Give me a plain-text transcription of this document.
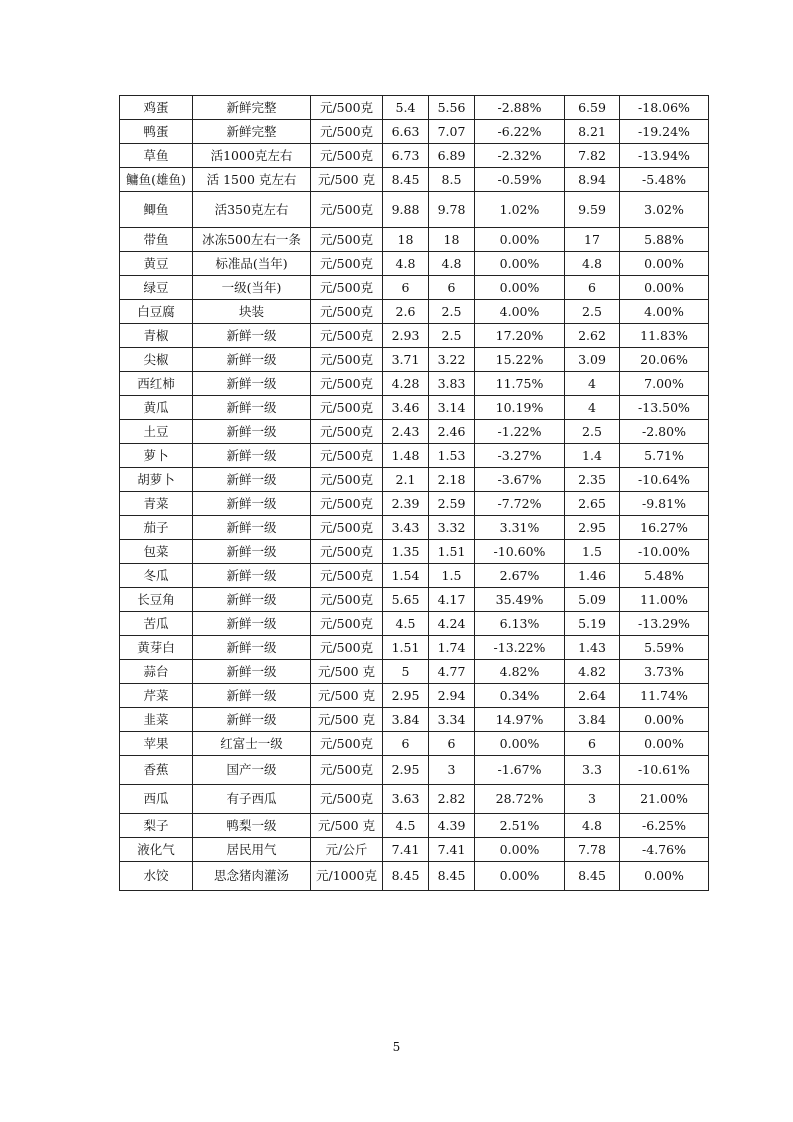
鸡蛋	新鲜完整	元/500克	5.4	5.56	-2.88%	6.59	-18.06%
鸭蛋	新鲜完整	元/500克	6.63	7.07	-6.22%	8.21	-19.24%
草鱼	活1000克左右	元/500克	6.73	6.89	-2.32%	7.82	-13.94%
鳙鱼(雄鱼)	活 1500 克左右	元/500 克	8.45	8.5	-0.59%	8.94	-5.48%
鲫鱼	活350克左右	元/500克	9.88	9.78	1.02%	9.59	3.02%
带鱼	冰冻500左右一条	元/500克	18	18	0.00%	17	5.88%
黄豆	标准品(当年)	元/500克	4.8	4.8	0.00%	4.8	0.00%
绿豆	一级(当年)	元/500克	6	6	0.00%	6	0.00%
白豆腐	块装	元/500克	2.6	2.5	4.00%	2.5	4.00%
青椒	新鲜一级	元/500克	2.93	2.5	17.20%	2.62	11.83%
尖椒	新鲜一级	元/500克	3.71	3.22	15.22%	3.09	20.06%
西红柿	新鲜一级	元/500克	4.28	3.83	11.75%	4	7.00%
黄瓜	新鲜一级	元/500克	3.46	3.14	10.19%	4	-13.50%
土豆	新鲜一级	元/500克	2.43	2.46	-1.22%	2.5	-2.80%
萝卜	新鲜一级	元/500克	1.48	1.53	-3.27%	1.4	5.71%
胡萝卜	新鲜一级	元/500克	2.1	2.18	-3.67%	2.35	-10.64%
青菜	新鲜一级	元/500克	2.39	2.59	-7.72%	2.65	-9.81%
茄子	新鲜一级	元/500克	3.43	3.32	3.31%	2.95	16.27%
包菜	新鲜一级	元/500克	1.35	1.51	-10.60%	1.5	-10.00%
冬瓜	新鲜一级	元/500克	1.54	1.5	2.67%	1.46	5.48%
长豆角	新鲜一级	元/500克	5.65	4.17	35.49%	5.09	11.00%
苦瓜	新鲜一级	元/500克	4.5	4.24	6.13%	5.19	-13.29%
黄芽白	新鲜一级	元/500克	1.51	1.74	-13.22%	1.43	5.59%
蒜台	新鲜一级	元/500 克	5	4.77	4.82%	4.82	3.73%
芹菜	新鲜一级	元/500 克	2.95	2.94	0.34%	2.64	11.74%
韭菜	新鲜一级	元/500 克	3.84	3.34	14.97%	3.84	0.00%
苹果	红富士一级	元/500克	6	6	0.00%	6	0.00%
香蕉	国产一级	元/500克	2.95	3	-1.67%	3.3	-10.61%
西瓜	有子西瓜	元/500克	3.63	2.82	28.72%	3	21.00%
梨子	鸭梨一级	元/500 克	4.5	4.39	2.51%	4.8	-6.25%
液化气	居民用气	元/公斤	7.41	7.41	0.00%	7.78	-4.76%
水饺	思念猪肉灌汤	元/1000克	8.45	8.45	0.00%	8.45	0.00%
5
